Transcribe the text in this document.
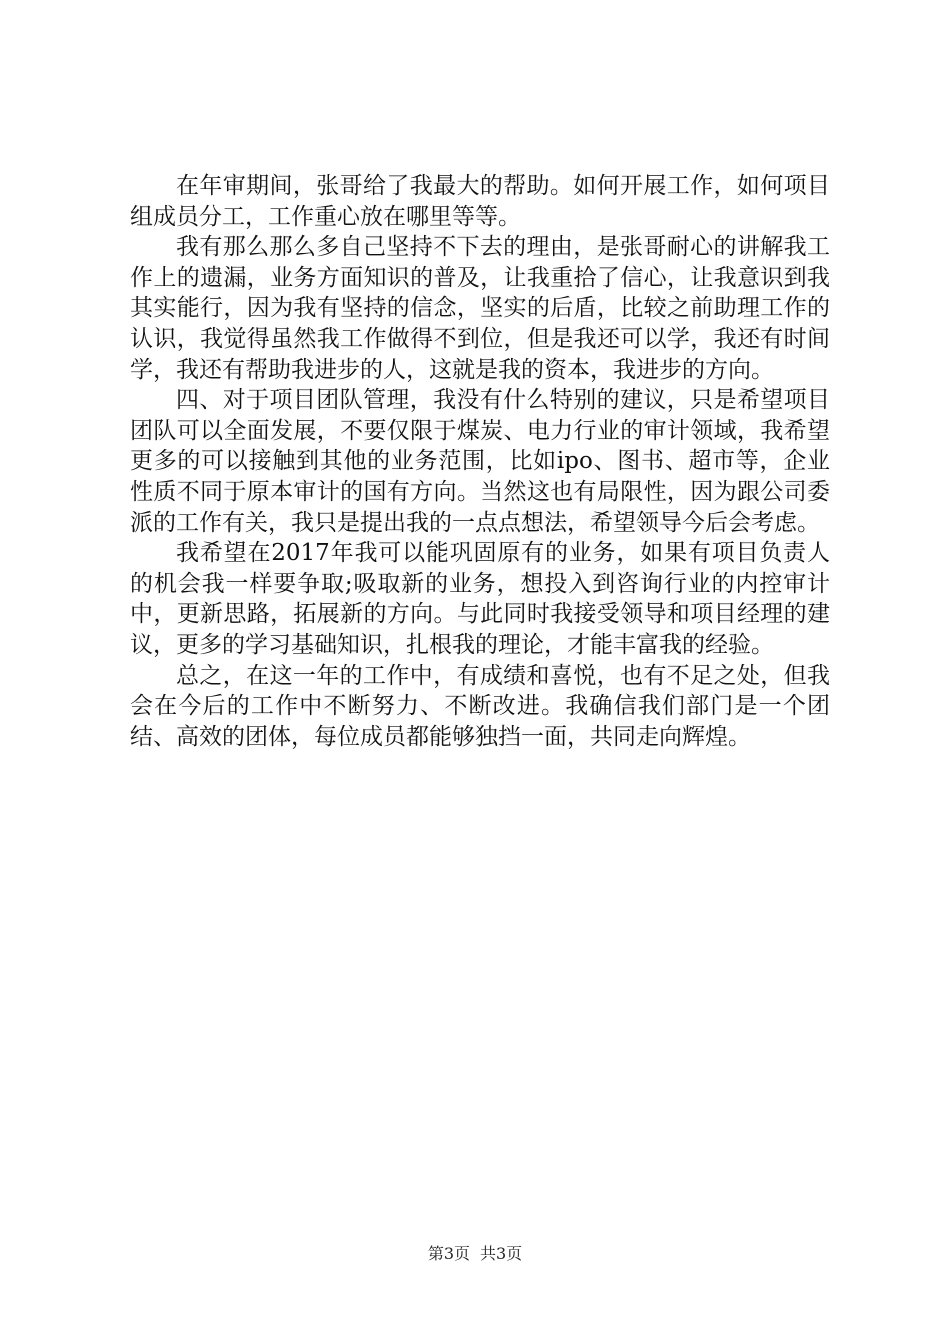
在年审期间，张哥给了我最大的帮助。如何开展工作，如何项目组成员分工，工作重心放在哪里等等。

我有那么那么多自己坚持不下去的理由，是张哥耐心的讲解我工作上的遗漏，业务方面知识的普及，让我重拾了信心，让我意识到我其实能行，因为我有坚持的信念，坚实的后盾，比较之前助理工作的认识，我觉得虽然我工作做得不到位，但是我还可以学，我还有时间学，我还有帮助我进步的人，这就是我的资本，我进步的方向。

四、对于项目团队管理，我没有什么特别的建议，只是希望项目团队可以全面发展，不要仅限于煤炭、电力行业的审计领域，我希望更多的可以接触到其他的业务范围，比如ipo、图书、超市等，企业性质不同于原本审计的国有方向。当然这也有局限性，因为跟公司委派的工作有关，我只是提出我的一点点想法，希望领导今后会考虑。

我希望在2017年我可以能巩固原有的业务，如果有项目负责人的机会我一样要争取;吸取新的业务，想投入到咨询行业的内控审计中，更新思路，拓展新的方向。与此同时我接受领导和项目经理的建议，更多的学习基础知识，扎根我的理论，才能丰富我的经验。

总之，在这一年的工作中，有成绩和喜悦，也有不足之处，但我会在今后的工作中不断努力、不断改进。我确信我们部门是一个团结、高效的团体，每位成员都能够独挡一面，共同走向辉煌。

第3页 共3页
